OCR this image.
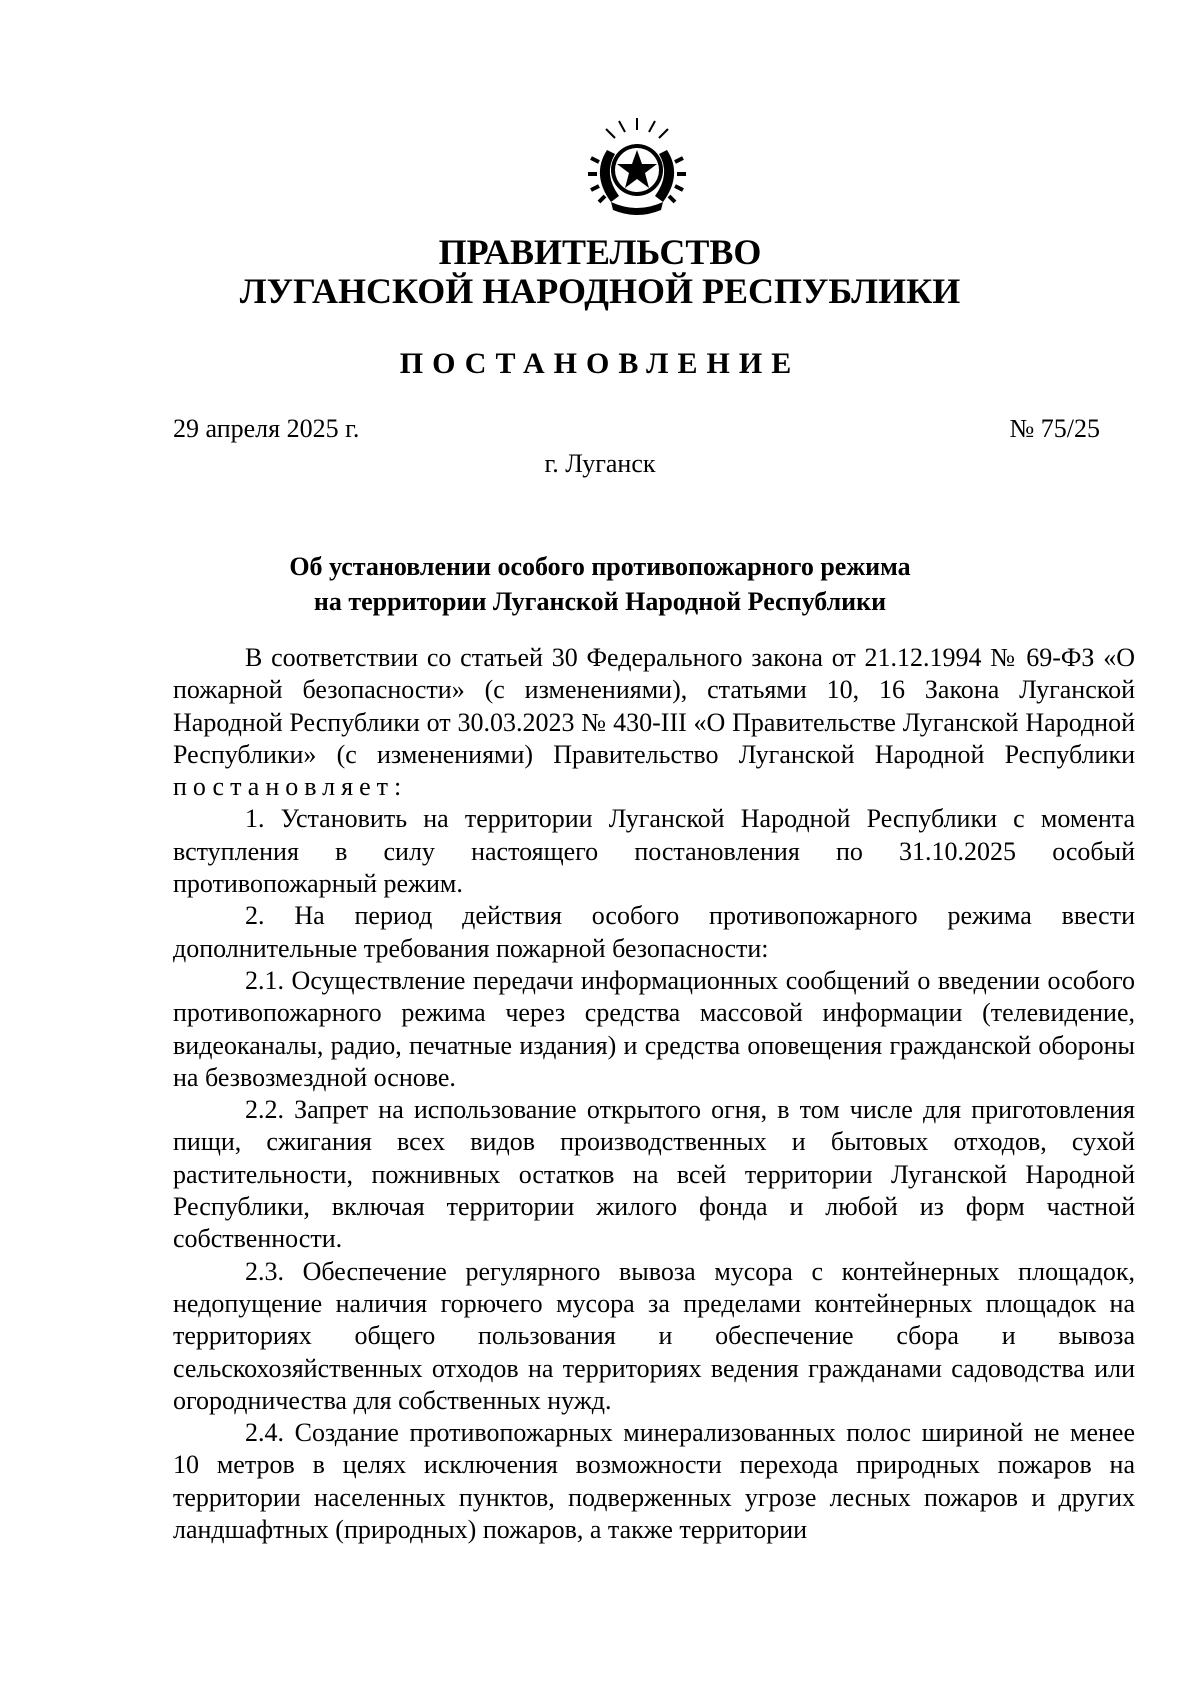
ПРАВИТЕЛЬСТВО
ЛУГАНСКОЙ НАРОДНОЙ РЕСПУБЛИКИ
ПОСТАНОВЛЕНИЕ
29 апреля 2025 г.	№ 75/25
г. Луганск
Об установлении особого противопожарного режима
на территории Луганской Народной Республики

В соответствии со статьей 30 Федерального закона от 21.12.1994 № 69-ФЗ «О пожарной безопасности» (с изменениями), статьями 10, 16 Закона Луганской Народной Республики от 30.03.2023 № 430-III «О Правительстве Луганской Народной Республики» (с изменениями) Правительство Луганской Народной Республики постановляет:

1. Установить на территории Луганской Народной Республики с момента вступления в силу настоящего постановления по 31.10.2025 особый противопожарный режим.

2. На период действия особого противопожарного режима ввести дополнительные требования пожарной безопасности:

2.1. Осуществление передачи информационных сообщений о введении особого противопожарного режима через средства массовой информации (телевидение, видеоканалы, радио, печатные издания) и средства оповещения гражданской обороны на безвозмездной основе.

2.2. Запрет на использование открытого огня, в том числе для приготовления пищи, сжигания всех видов производственных и бытовых отходов, сухой растительности, пожнивных остатков на всей территории Луганской Народной Республики, включая территории жилого фонда и любой из форм частной собственности.

2.3. Обеспечение регулярного вывоза мусора с контейнерных площадок, недопущение наличия горючего мусора за пределами контейнерных площадок на территориях общего пользования и обеспечение сбора и вывоза сельскохозяйственных отходов на территориях ведения гражданами садоводства или огородничества для собственных нужд.

2.4. Создание противопожарных минерализованных полос шириной не менее 10 метров в целях исключения возможности перехода природных пожаров на территории населенных пунктов, подверженных угрозе лесных пожаров и других ландшафтных (природных) пожаров, а также территории
